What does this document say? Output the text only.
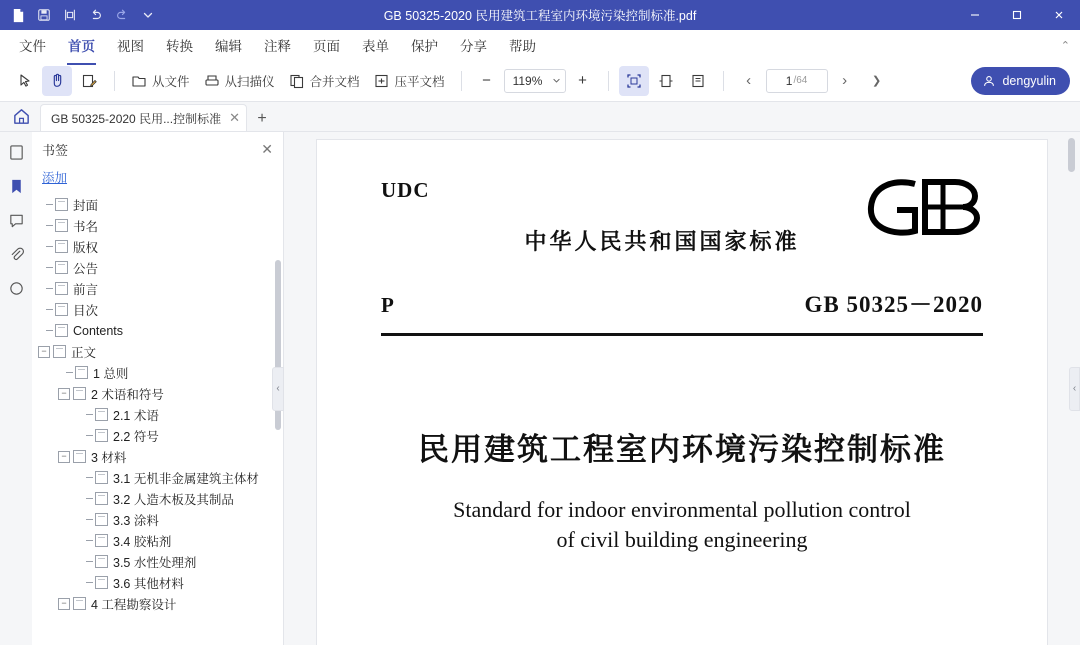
GB 50325-2020 民用建筑工程室内环境污染控制标准.pdf
文件	首页	视图	转换	编辑	注释	页面	表单	保护	分享	帮助	⌃
从文件	从扫描仪	合并文档	压平文档	−	119%	+	‹	1 /64	›	❯	dengyulin
GB 50325-2020 民用...控制标准 ✕	+
书签	✕
添加
封面
书名
版权
公告
前言
目次
Contents
− 正文
1 总则
− 2 术语和符号
2.1 术语
2.2 符号
− 3 材料
3.1 无机非金属建筑主体材
3.2 人造木板及其制品
3.3 涂料
3.4 胶粘剂
3.5 水性处理剂
3.6 其他材料
− 4 工程勘察设计
‹
UDC
中华人民共和国国家标准
P	GB 50325－2020
民用建筑工程室内环境污染控制标准
Standard for indoor environmental pollution control
of civil building engineering
‹
